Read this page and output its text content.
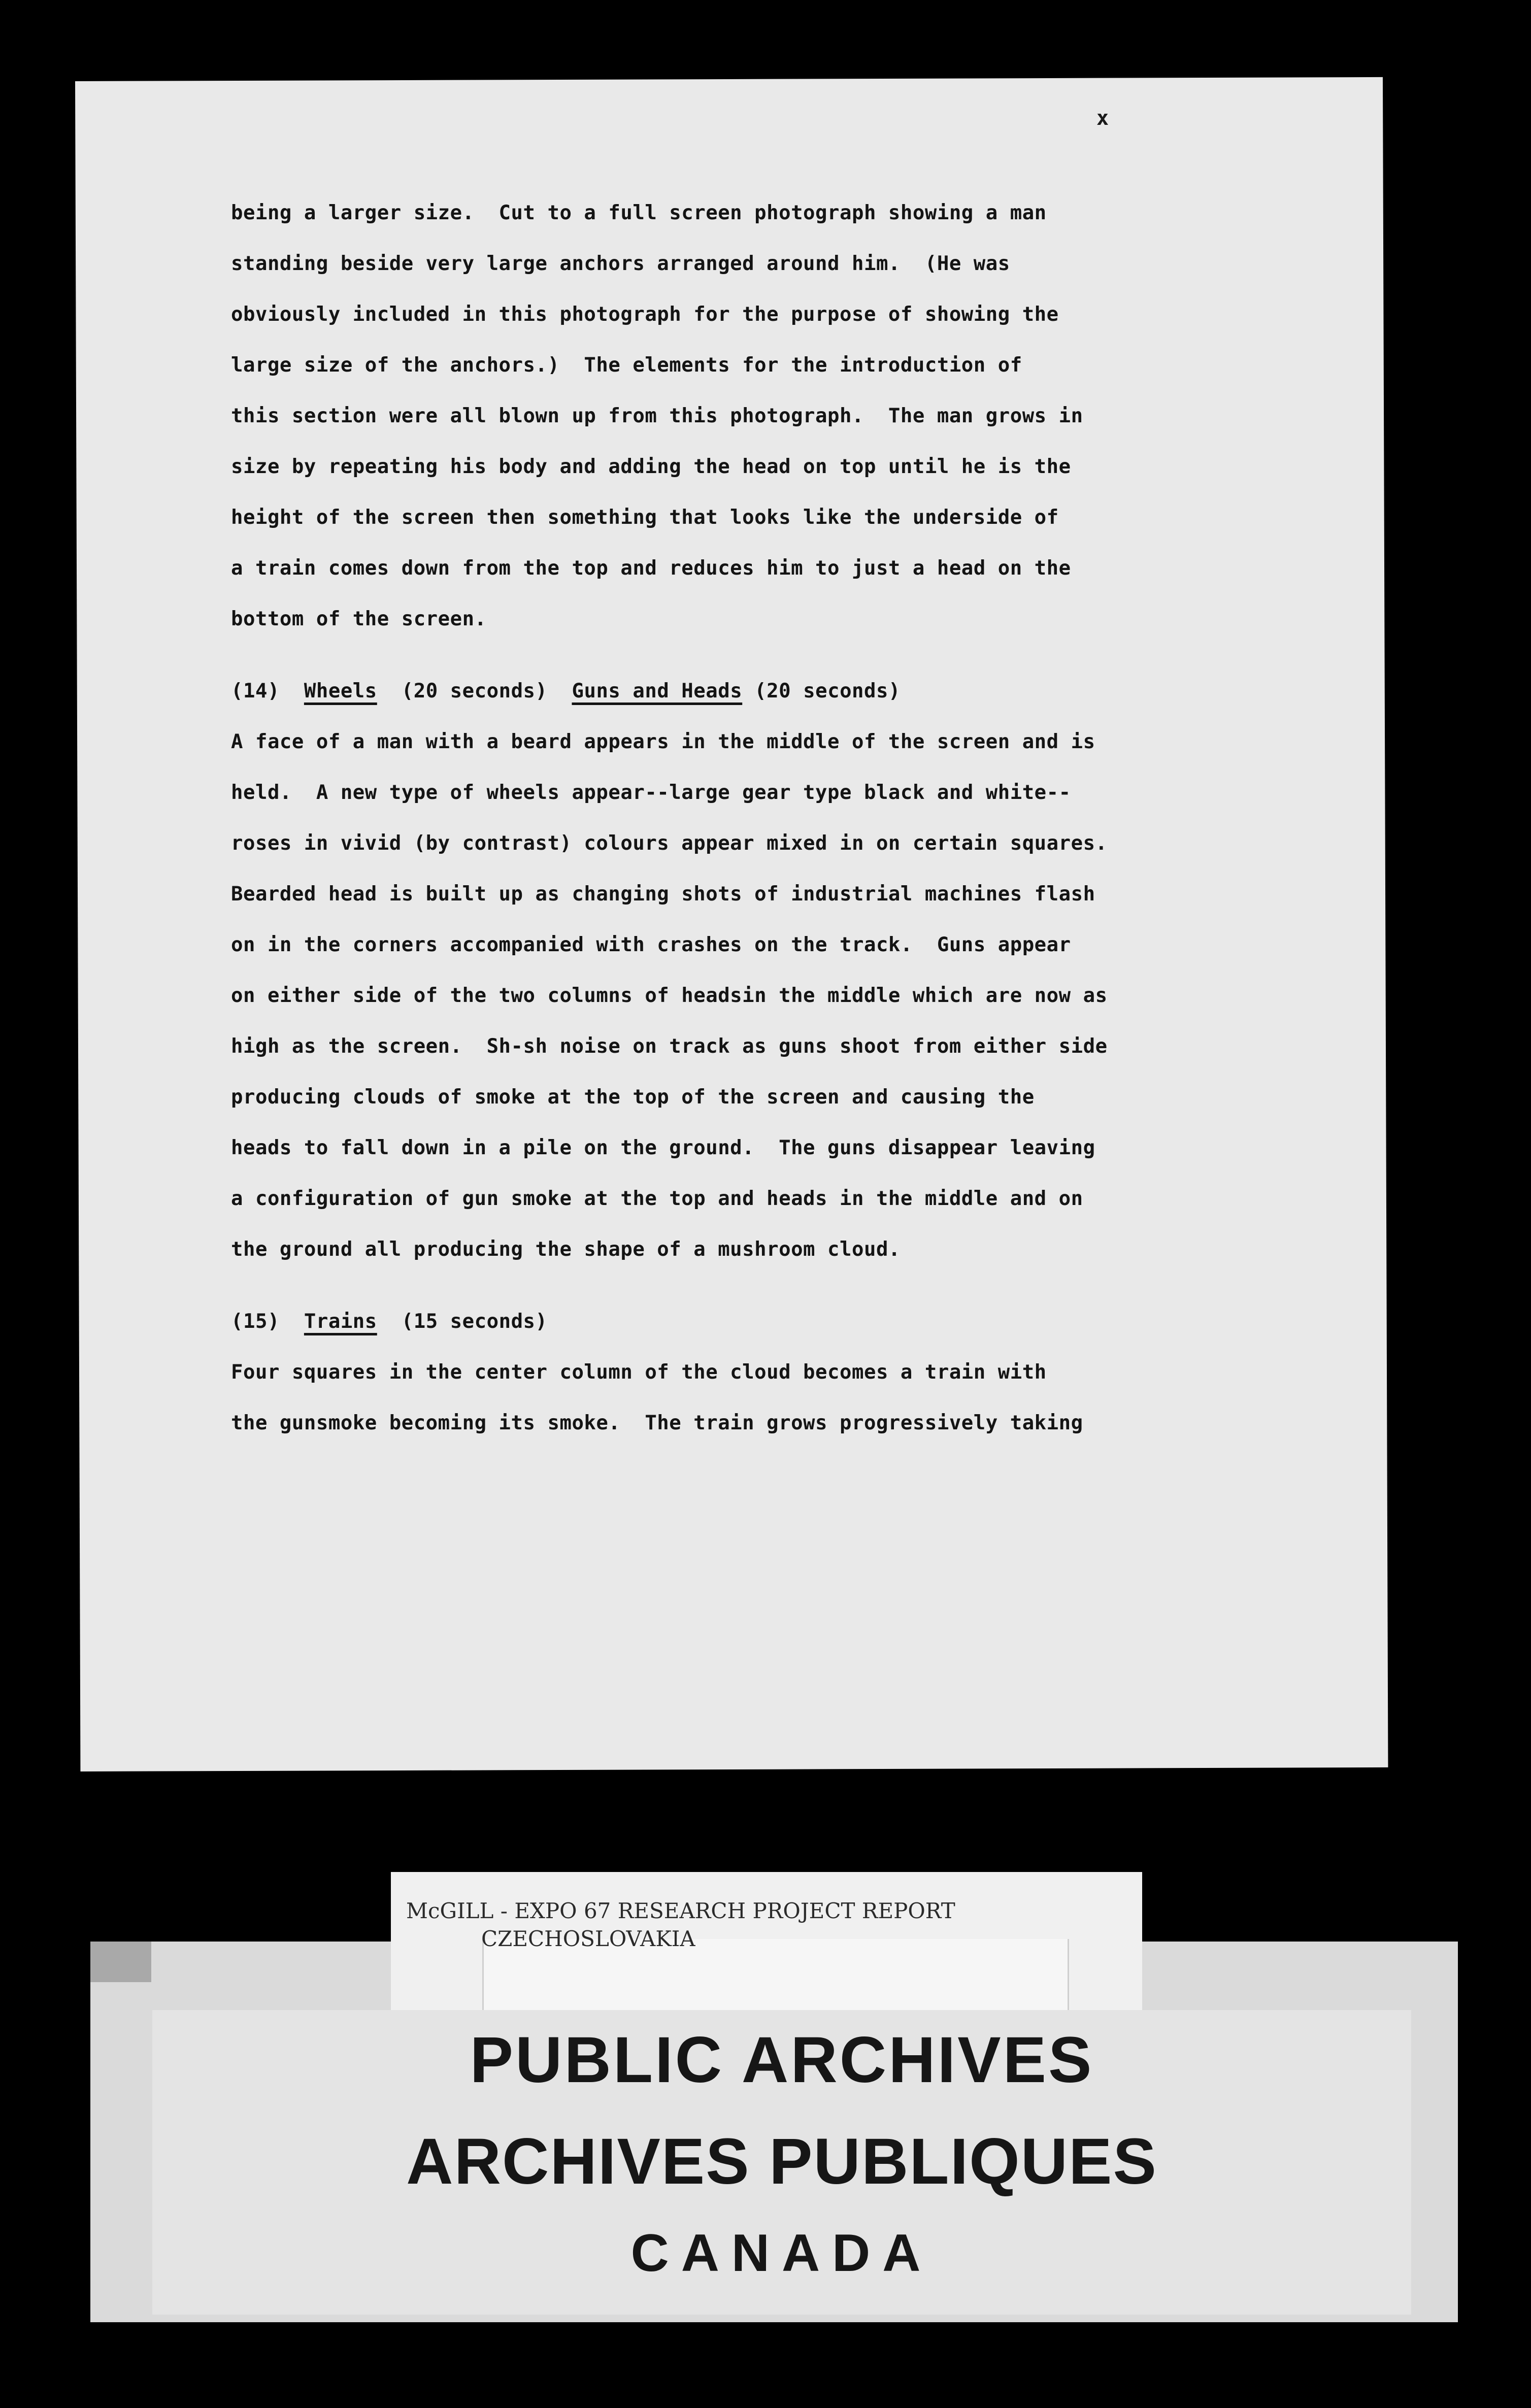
x
being a larger size.  Cut to a full screen photograph showing a man
standing beside very large anchors arranged around him.  (He was
obviously included in this photograph for the purpose of showing the
large size of the anchors.)  The elements for the introduction of
this section were all blown up from this photograph.  The man grows in
size by repeating his body and adding the head on top until he is the
height of the screen then something that looks like the underside of
a train comes down from the top and reduces him to just a head on the
bottom of the screen.
(14) Wheels (20 seconds) Guns and Heads (20 seconds)
A face of a man with a beard appears in the middle of the screen and is
held.  A new type of wheels appear--large gear type black and white--
roses in vivid (by contrast) colours appear mixed in on certain squares.
Bearded head is built up as changing shots of industrial machines flash
on in the corners accompanied with crashes on the track.  Guns appear
on either side of the two columns of headsin the middle which are now as
high as the screen.  Sh-sh noise on track as guns shoot from either side
producing clouds of smoke at the top of the screen and causing the
heads to fall down in a pile on the ground.  The guns disappear leaving
a configuration of gun smoke at the top and heads in the middle and on
the ground all producing the shape of a mushroom cloud.
(15) Trains (15 seconds)
Four squares in the center column of the cloud becomes a train with
the gunsmoke becoming its smoke.  The train grows progressively taking
McGILL - EXPO 67 RESEARCH PROJECT REPORT
CZECHOSLOVAKIA
PUBLIC ARCHIVES
ARCHIVES PUBLIQUES
CANADA
